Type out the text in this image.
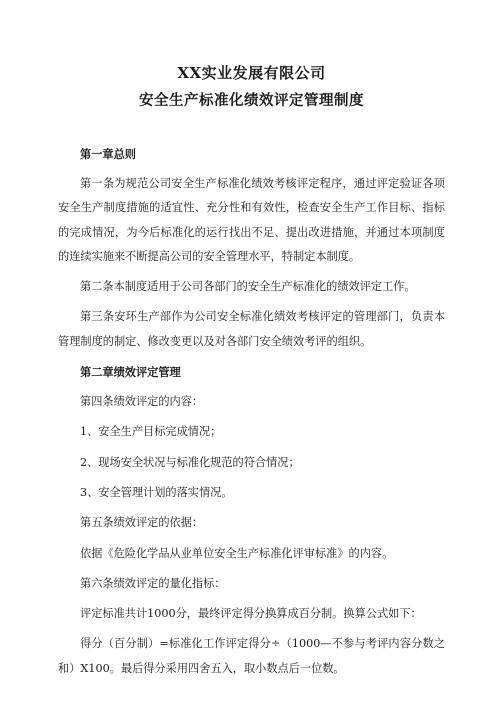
XX实业发展有限公司
安全生产标准化绩效评定管理制度

第一章总则

第一条为规范公司安全生产标准化绩效考核评定程序，通过评定验证各项安全生产制度措施的适宜性、充分性和有效性，检查安全生产工作目标、指标的完成情况，为今后标准化的运行找出不足、提出改进措施，并通过本项制度的连续实施来不断提高公司的安全管理水平，特制定本制度。

第二条本制度适用于公司各部门的安全生产标准化的绩效评定工作。

第三条安环生产部作为公司安全标准化绩效考核评定的管理部门，负责本管理制度的制定、修改变更以及对各部门安全绩效考评的组织。

第二章绩效评定管理

第四条绩效评定的内容：

1、安全生产目标完成情况；

2、现场安全状况与标准化规范的符合情况；

3、安全管理计划的落实情况。

第五条绩效评定的依据：

依据《危险化学品从业单位安全生产标准化评审标准》的内容。

第六条绩效评定的量化指标：

评定标准共计1000分，最终评定得分换算成百分制。换算公式如下：

得分（百分制）=标准化工作评定得分÷（1000—不参与考评内容分数之和）X100。最后得分采用四舍五入，取小数点后一位数。
